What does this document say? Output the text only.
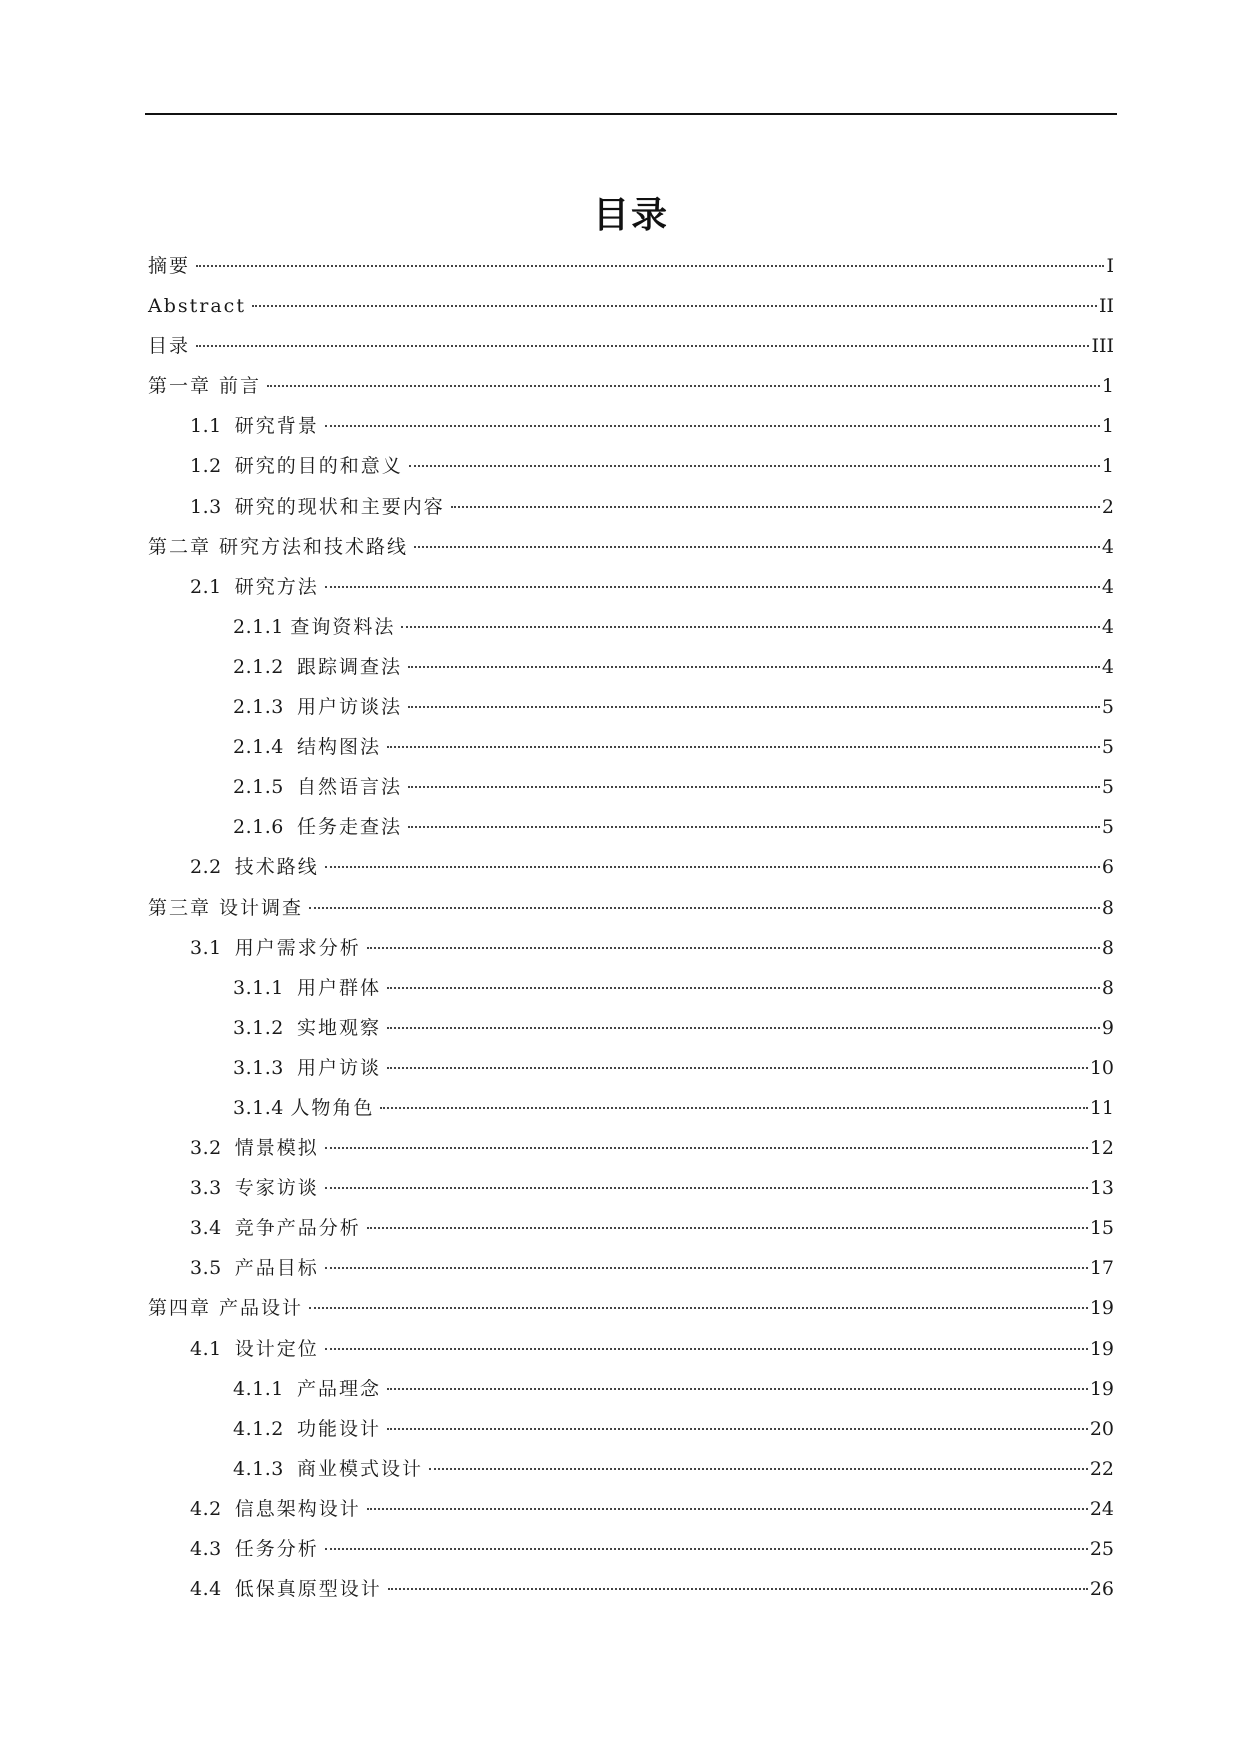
目录
摘要	I
Abstract	II
目录	III
第一章 前言	1
1.1 研究背景	1
1.2 研究的目的和意义	1
1.3 研究的现状和主要内容	2
第二章 研究方法和技术路线	4
2.1 研究方法	4
2.1.1 查询资料法	4
2.1.2 跟踪调查法	4
2.1.3 用户访谈法	5
2.1.4 结构图法	5
2.1.5 自然语言法	5
2.1.6 任务走查法	5
2.2 技术路线	6
第三章 设计调查	8
3.1 用户需求分析	8
3.1.1 用户群体	8
3.1.2 实地观察	9
3.1.3 用户访谈	10
3.1.4 人物角色	11
3.2 情景模拟	12
3.3 专家访谈	13
3.4 竞争产品分析	15
3.5 产品目标	17
第四章 产品设计	19
4.1 设计定位	19
4.1.1 产品理念	19
4.1.2 功能设计	20
4.1.3 商业模式设计	22
4.2 信息架构设计	24
4.3 任务分析	25
4.4 低保真原型设计	26
